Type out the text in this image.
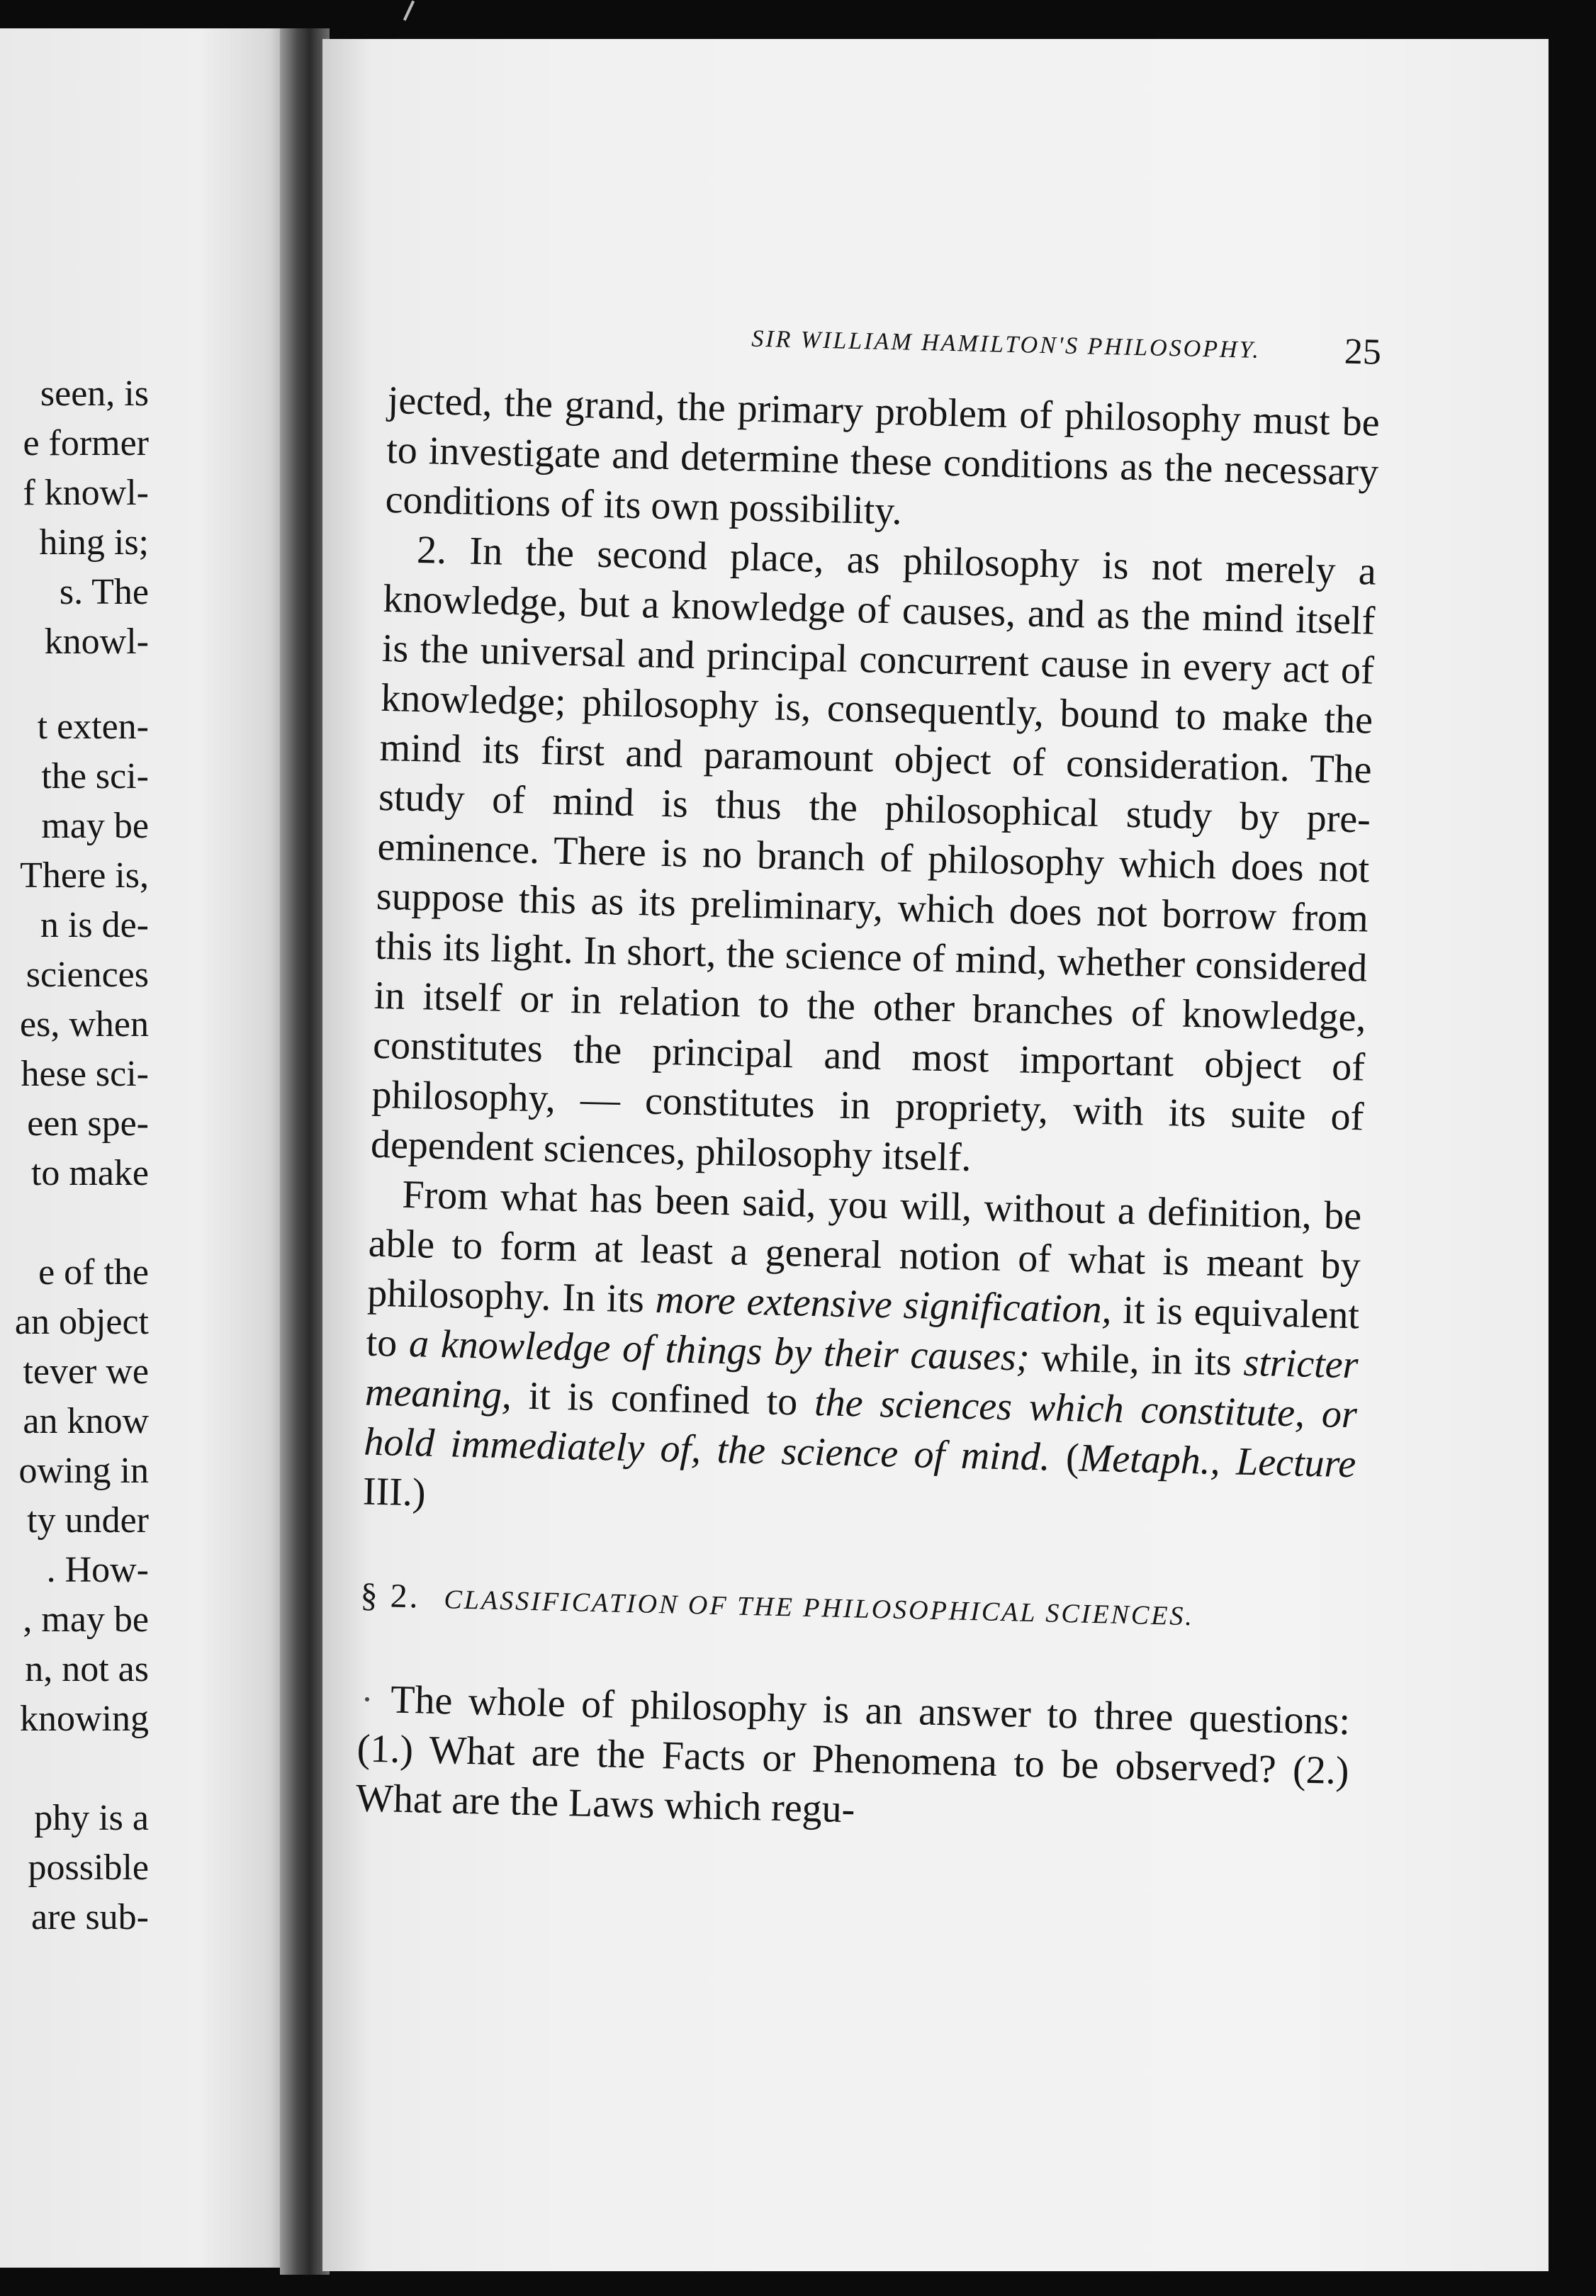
seen, is
e former
f knowl-
hing is;
s. The
knowl-
t exten-
the sci-
may be
There is,
n is de-
sciences
es, when
hese sci-
een spe-
to make
e of the
an object
tever we
an know
owing in
ty under
. How-
, may be
n, not as
knowing
phy is a
possible
are sub-
SIR WILLIAM HAMILTON'S PHILOSOPHY. 25

jected, the grand, the primary problem of philosophy must be to investigate and determine these conditions as the necessary conditions of its own possibility.

2. In the second place, as philosophy is not merely a knowledge, but a knowledge of causes, and as the mind itself is the universal and principal concurrent cause in every act of knowledge; philosophy is, consequently, bound to make the mind its first and paramount object of consideration. The study of mind is thus the philosophical study by pre-eminence. There is no branch of philosophy which does not suppose this as its preliminary, which does not borrow from this its light. In short, the science of mind, whether considered in itself or in relation to the other branches of knowledge, constitutes the principal and most important object of philosophy, — constitutes in propriety, with its suite of dependent sciences, philosophy itself.

From what has been said, you will, without a definition, be able to form at least a general notion of what is meant by philosophy. In its more extensive signification, it is equivalent to a knowledge of things by their causes; while, in its stricter meaning, it is confined to the sciences which constitute, or hold immediately of, the science of mind. (Metaph., Lecture III.)

§ 2. CLASSIFICATION OF THE PHILOSOPHICAL SCIENCES.

The whole of philosophy is an answer to three questions: (1.) What are the Facts or Phenomena to be observed? (2.) What are the Laws which regu-
